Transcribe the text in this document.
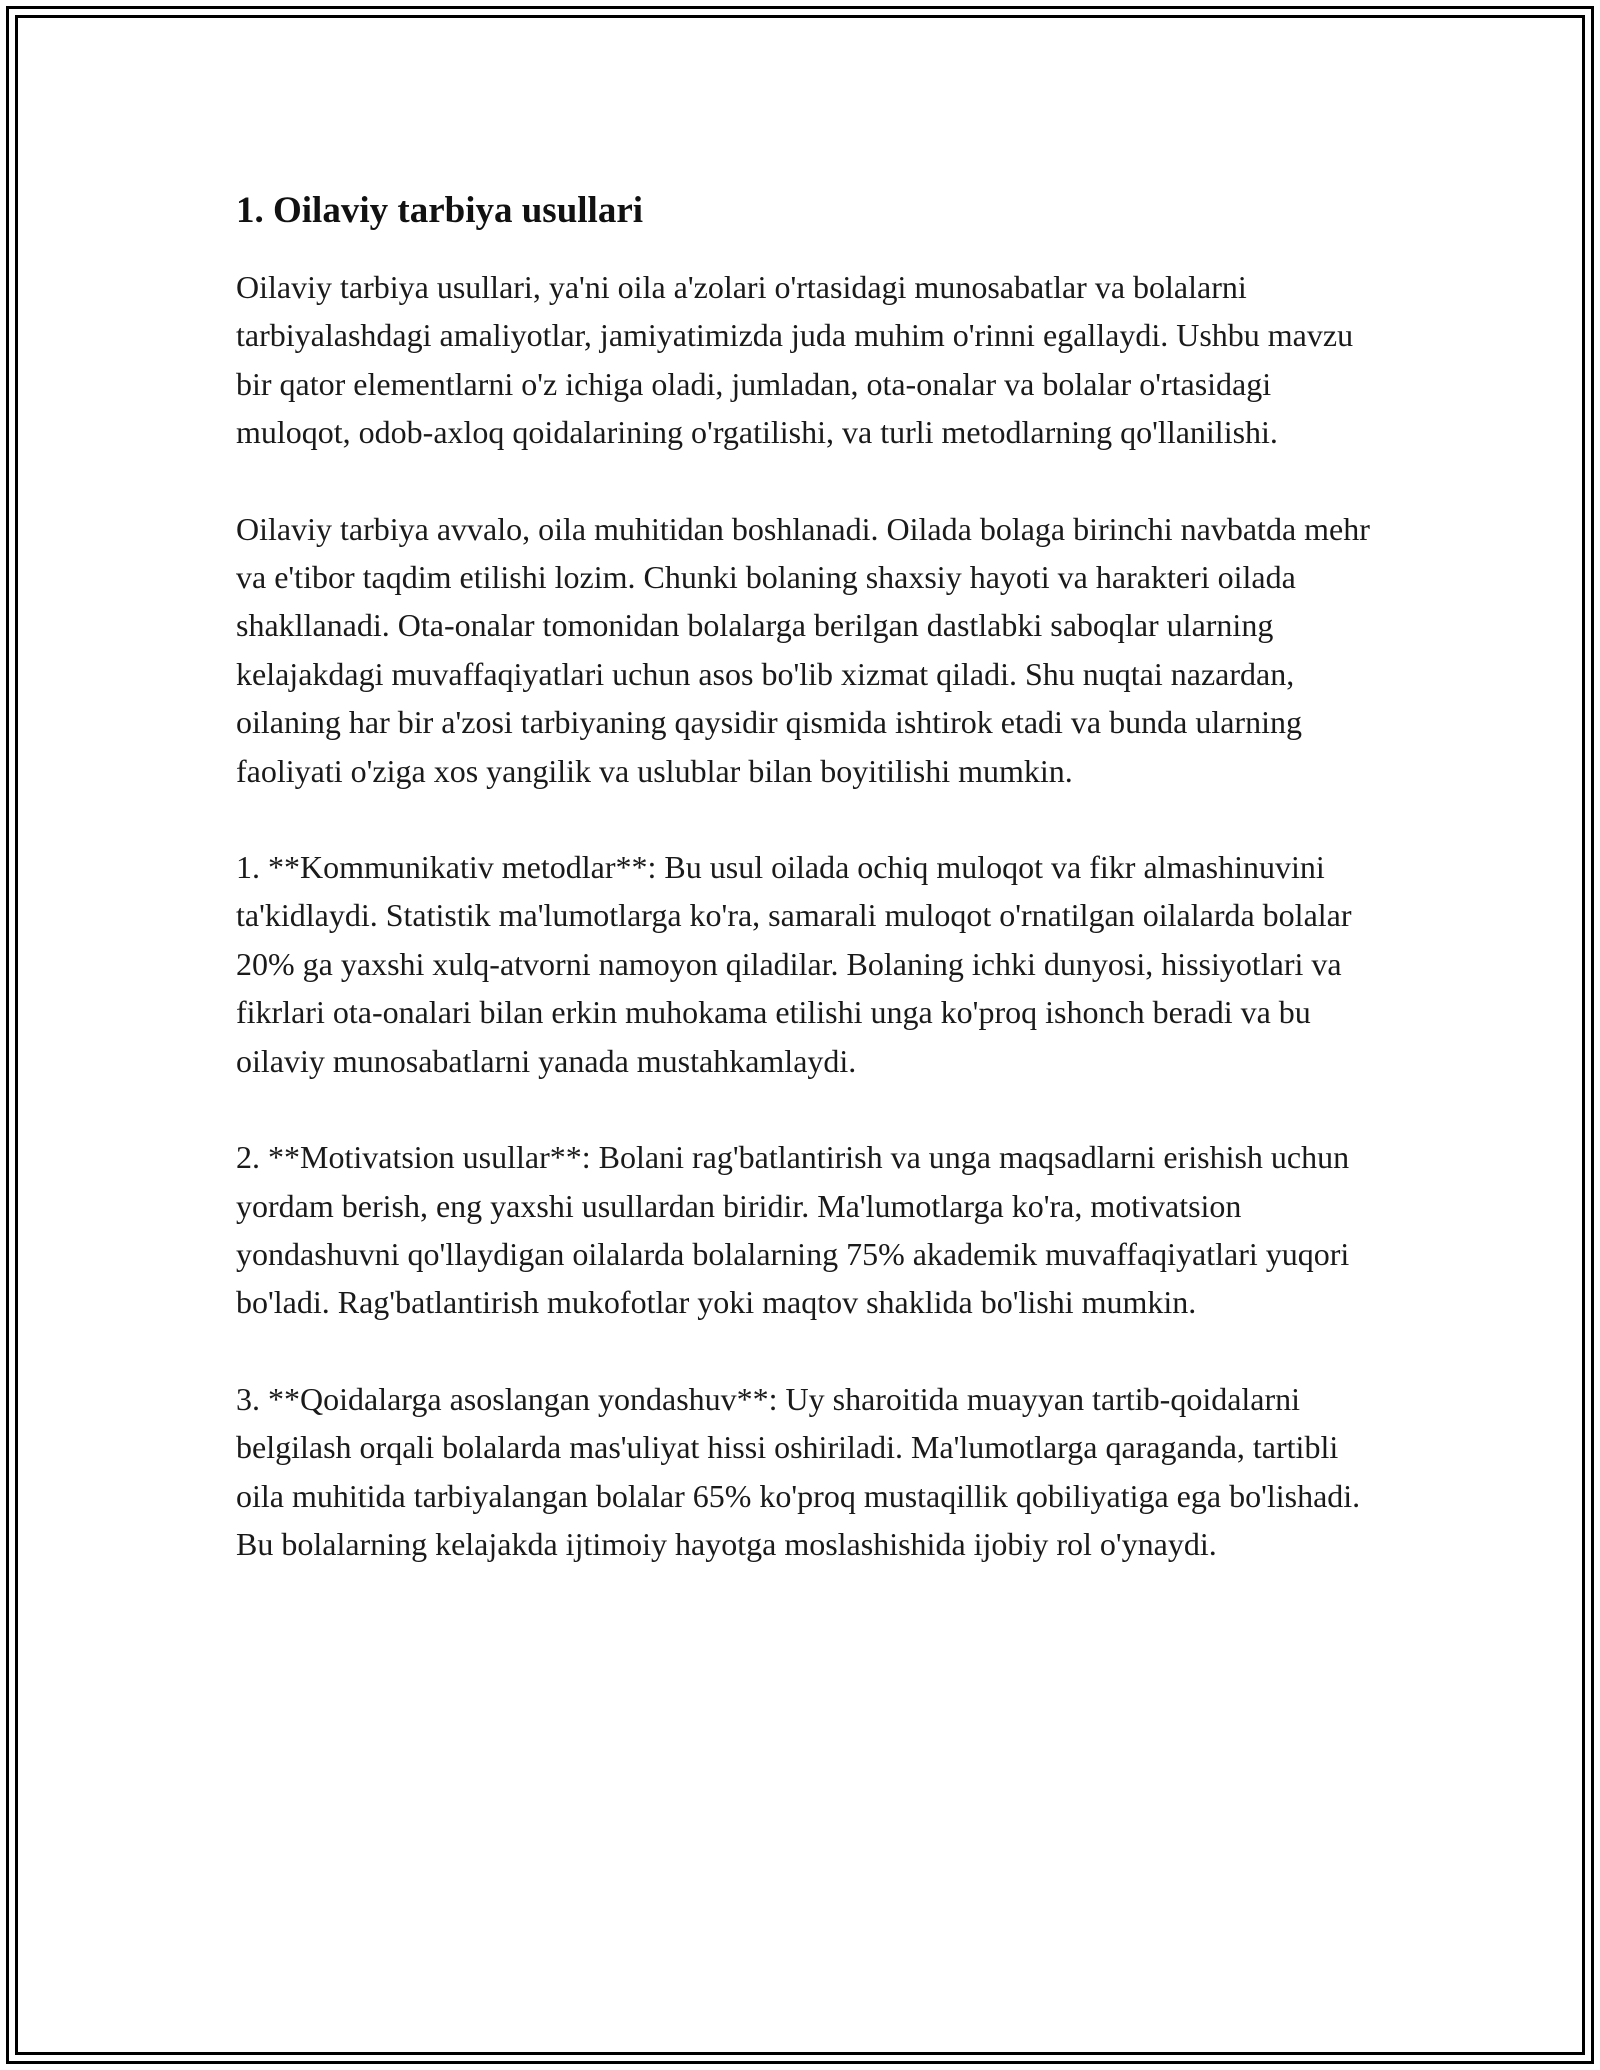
1. Oilaviy tarbiya usullari

Oilaviy tarbiya usullari, ya'ni oila a'zolari o'rtasidagi munosabatlar va bolalarni tarbiyalashdagi amaliyotlar, jamiyatimizda juda muhim o'rinni egallaydi. Ushbu mavzu bir qator elementlarni o'z ichiga oladi, jumladan, ota-onalar va bolalar o'rtasidagi muloqot, odob-axloq qoidalarining o'rgatilishi, va turli metodlarning qo'llanilishi.

Oilaviy tarbiya avvalo, oila muhitidan boshlanadi. Oilada bolaga birinchi navbatda mehr va e'tibor taqdim etilishi lozim. Chunki bolaning shaxsiy hayoti va harakteri oilada shakllanadi. Ota-onalar tomonidan bolalarga berilgan dastlabki saboqlar ularning kelajakdagi muvaffaqiyatlari uchun asos bo'lib xizmat qiladi. Shu nuqtai nazardan, oilaning har bir a'zosi tarbiyaning qaysidir qismida ishtirok etadi va bunda ularning faoliyati o'ziga xos yangilik va uslublar bilan boyitilishi mumkin.

1. **Kommunikativ metodlar**: Bu usul oilada ochiq muloqot va fikr almashinuvini ta'kidlaydi. Statistik ma'lumotlarga ko'ra, samarali muloqot o'rnatilgan oilalarda bolalar 20% ga yaxshi xulq-atvorni namoyon qiladilar. Bolaning ichki dunyosi, hissiyotlari va fikrlari ota-onalari bilan erkin muhokama etilishi unga ko'proq ishonch beradi va bu oilaviy munosabatlarni yanada mustahkamlaydi.

2. **Motivatsion usullar**: Bolani rag'batlantirish va unga maqsadlarni erishish uchun yordam berish, eng yaxshi usullardan biridir. Ma'lumotlarga ko'ra, motivatsion yondashuvni qo'llaydigan oilalarda bolalarning 75% akademik muvaffaqiyatlari yuqori bo'ladi. Rag'batlantirish mukofotlar yoki maqtov shaklida bo'lishi mumkin.

3. **Qoidalarga asoslangan yondashuv**: Uy sharoitida muayyan tartib-qoidalarni belgilash orqali bolalarda mas'uliyat hissi oshiriladi. Ma'lumotlarga qaraganda, tartibli oila muhitida tarbiyalangan bolalar 65% ko'proq mustaqillik qobiliyatiga ega bo'lishadi. Bu bolalarning kelajakda ijtimoiy hayotga moslashishida ijobiy rol o'ynaydi.
